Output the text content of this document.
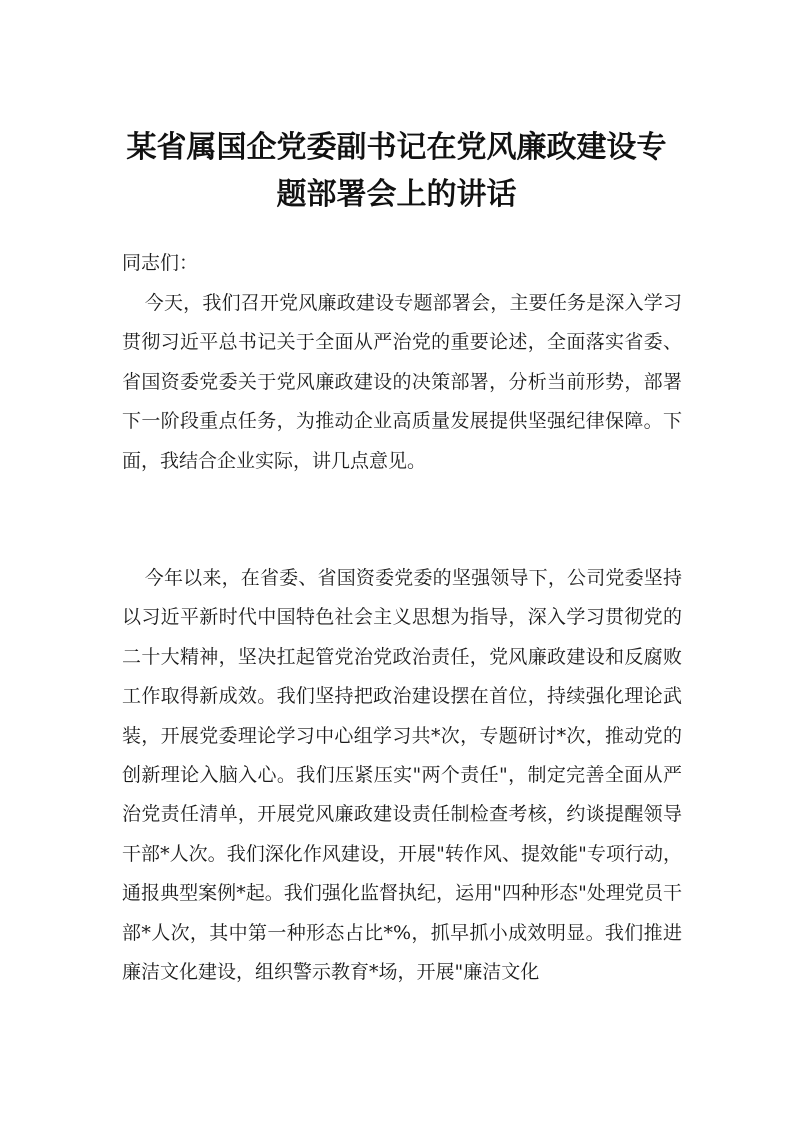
某省属国企党委副书记在党风廉政建设专
题部署会上的讲话

同志们：

今天，我们召开党风廉政建设专题部署会，主要任务是深入学习贯彻习近平总书记关于全面从严治党的重要论述，全面落实省委、省国资委党委关于党风廉政建设的决策部署，分析当前形势，部署下一阶段重点任务，为推动企业高质量发展提供坚强纪律保障。下面，我结合企业实际，讲几点意见。

今年以来，在省委、省国资委党委的坚强领导下，公司党委坚持以习近平新时代中国特色社会主义思想为指导，深入学习贯彻党的二十大精神，坚决扛起管党治党政治责任，党风廉政建设和反腐败工作取得新成效。我们坚持把政治建设摆在首位，持续强化理论武装，开展党委理论学习中心组学习共*次，专题研讨*次，推动党的创新理论入脑入心。我们压紧压实"两个责任"，制定完善全面从严治党责任清单，开展党风廉政建设责任制检查考核，约谈提醒领导干部*人次。我们深化作风建设，开展"转作风、提效能"专项行动，通报典型案例*起。我们强化监督执纪，运用"四种形态"处理党员干部*人次，其中第一种形态占比*%，抓早抓小成效明显。我们推进廉洁文化建设，组织警示教育*场，开展"廉洁文化
